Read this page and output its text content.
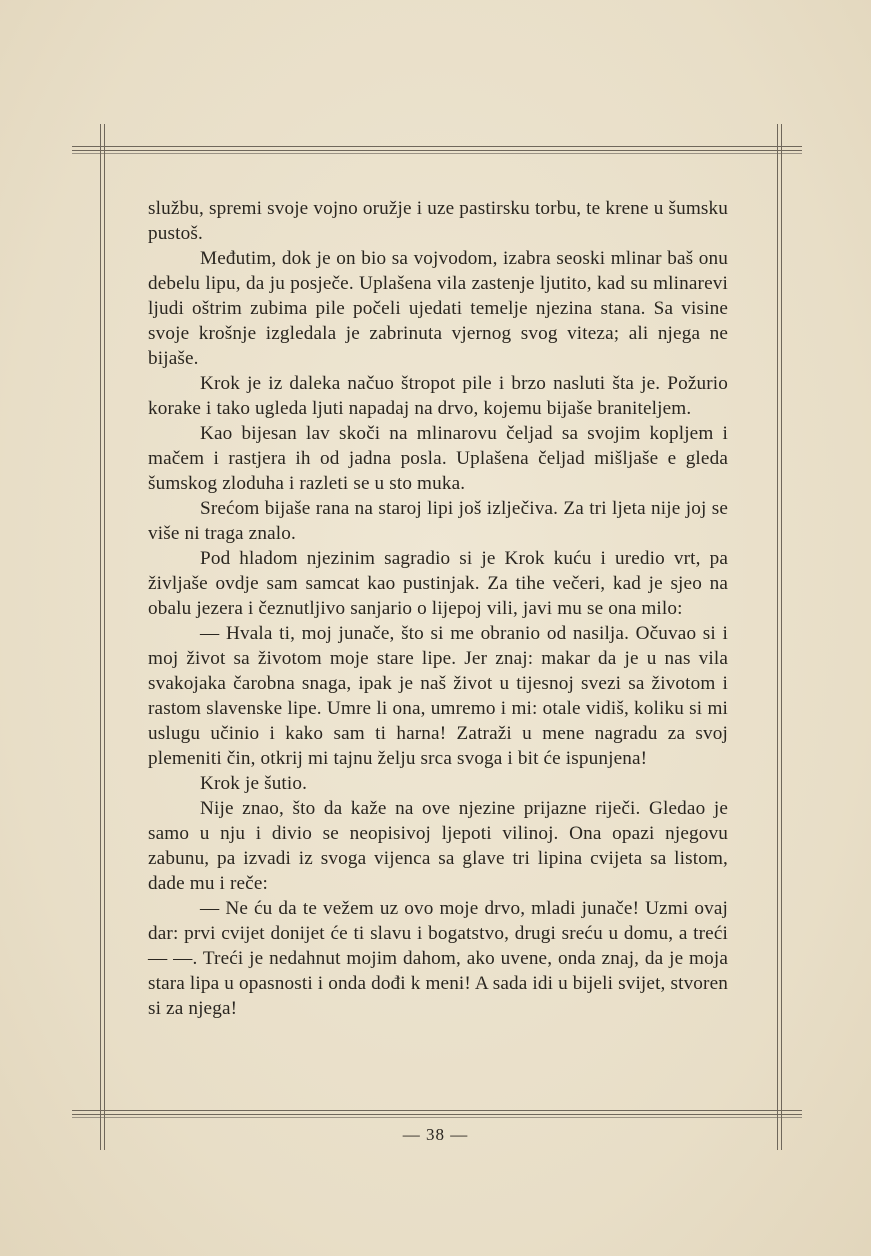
službu, spremi svoje vojno oružje i uze pastirsku torbu, te krene u šumsku pustoš.

Međutim, dok je on bio sa vojvodom, izabra seoski mlinar baš onu debelu lipu, da ju posječe. Uplašena vila zastenje ljutito, kad su mlinarevi ljudi oštrim zubima pile počeli ujedati temelje njezina stana. Sa visine svoje krošnje izgledala je zabrinuta vjernog svog viteza; ali njega ne bijaše.

Krok je iz daleka načuo štropot pile i brzo nasluti šta je. Požurio korake i tako ugleda ljuti napadaj na drvo, kojemu bijaše braniteljem.

Kao bijesan lav skoči na mlinarovu čeljad sa svojim kopljem i mačem i rastjera ih od jadna posla. Uplašena čeljad mišljaše e gleda šumskog zloduha i razleti se u sto muka.

Srećom bijaše rana na staroj lipi još izlječiva. Za tri ljeta nije joj se više ni traga znalo.

Pod hladom njezinim sagradio si je Krok kuću i uredio vrt, pa življaše ovdje sam samcat kao pustinjak. Za tihe večeri, kad je sjeo na obalu jezera i čeznutljivo sanjario o lijepoj vili, javi mu se ona milo:

— Hvala ti, moj junače, što si me obranio od nasilja. Očuvao si i moj život sa životom moje stare lipe. Jer znaj: makar da je u nas vila svakojaka čarobna snaga, ipak je naš život u tijesnoj svezi sa životom i rastom slavenske lipe. Umre li ona, umremo i mi: otale vidiš, koliku si mi uslugu učinio i kako sam ti harna! Zatraži u mene nagradu za svoj plemeniti čin, otkrij mi tajnu želju srca svoga i bit će ispunjena!

Krok je šutio.

Nije znao, što da kaže na ove njezine prijazne riječi. Gledao je samo u nju i divio se neopisivoj ljepoti vilinoj. Ona opazi njegovu zabunu, pa izvadi iz svoga vijenca sa glave tri lipina cvijeta sa listom, dade mu i reče:

— Ne ću da te vežem uz ovo moje drvo, mladi junače! Uzmi ovaj dar: prvi cvijet donijet će ti slavu i bogatstvo, drugi sreću u domu, a treći — —. Treći je nedahnut mojim dahom, ako uvene, onda znaj, da je moja stara lipa u opasnosti i onda dođi k meni! A sada idi u bijeli svijet, stvoren si za njega!

— 38 —
